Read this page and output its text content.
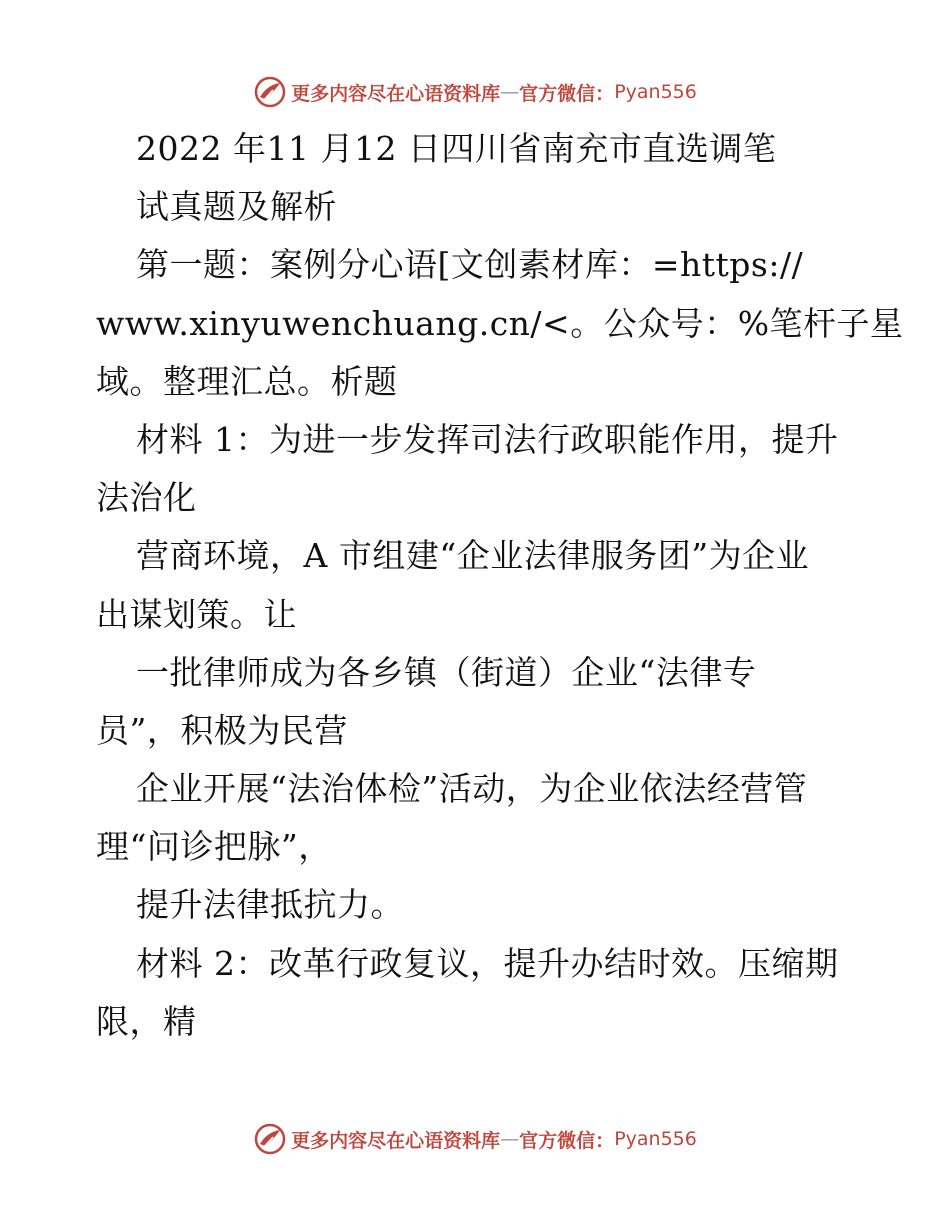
更多内容尽在心语资料库 — 官方微信： Pyan556
2022 年11 月12 日四川省南充市直选调笔
试真题及解析
第一题：案例分心语[文创素材库：=https://
www.xinyuwenchuang.cn/<。公众号：%笔杆子星
域。整理汇总。析题
材料 1：为进一步发挥司法行政职能作用，提升
法治化
营商环境，A 市组建“企业法律服务团”为企业
出谋划策。让
一批律师成为各乡镇（街道）企业“法律专
员”，积极为民营
企业开展“法治体检”活动，为企业依法经营管
理“问诊把脉”，
提升法律抵抗力。
材料 2：改革行政复议，提升办结时效。压缩期
限，精
更多内容尽在心语资料库 — 官方微信： Pyan556
